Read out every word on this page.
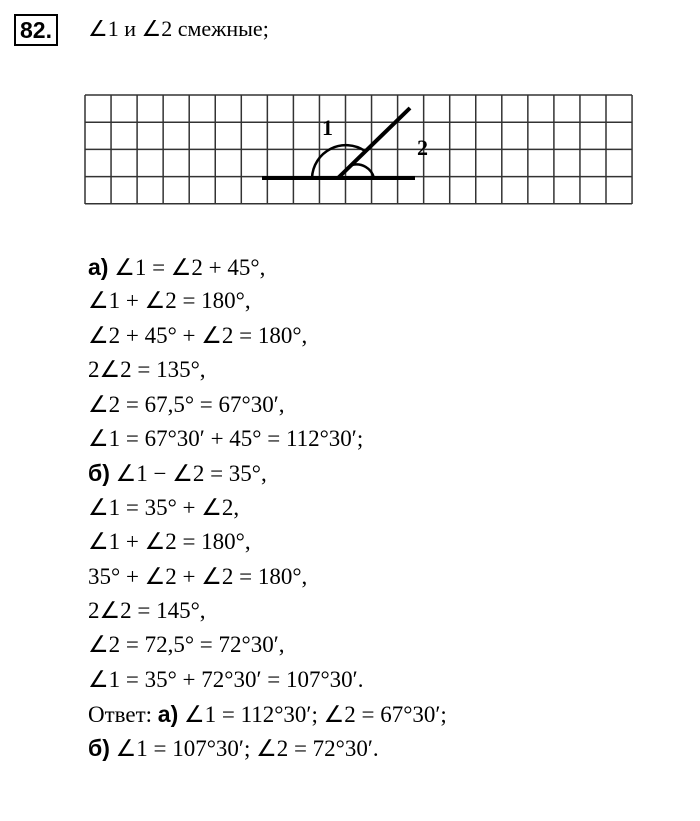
82. ∠1 и ∠2 смежные;
1
2
а) ∠1 = ∠2 + 45°,
∠1 + ∠2 = 180°,
∠2 + 45° + ∠2 = 180°,
2∠2 = 135°,
∠2 = 67,5° = 67°30′,
∠1 = 67°30′ + 45° = 112°30′;
б) ∠1 − ∠2 = 35°,
∠1 = 35° + ∠2,
∠1 + ∠2 = 180°,
35° + ∠2 + ∠2 = 180°,
2∠2 = 145°,
∠2 = 72,5° = 72°30′,
∠1 = 35° + 72°30′ = 107°30′.
Ответ: а) ∠1 = 112°30′; ∠2 = 67°30′;
б) ∠1 = 107°30′; ∠2 = 72°30′.
